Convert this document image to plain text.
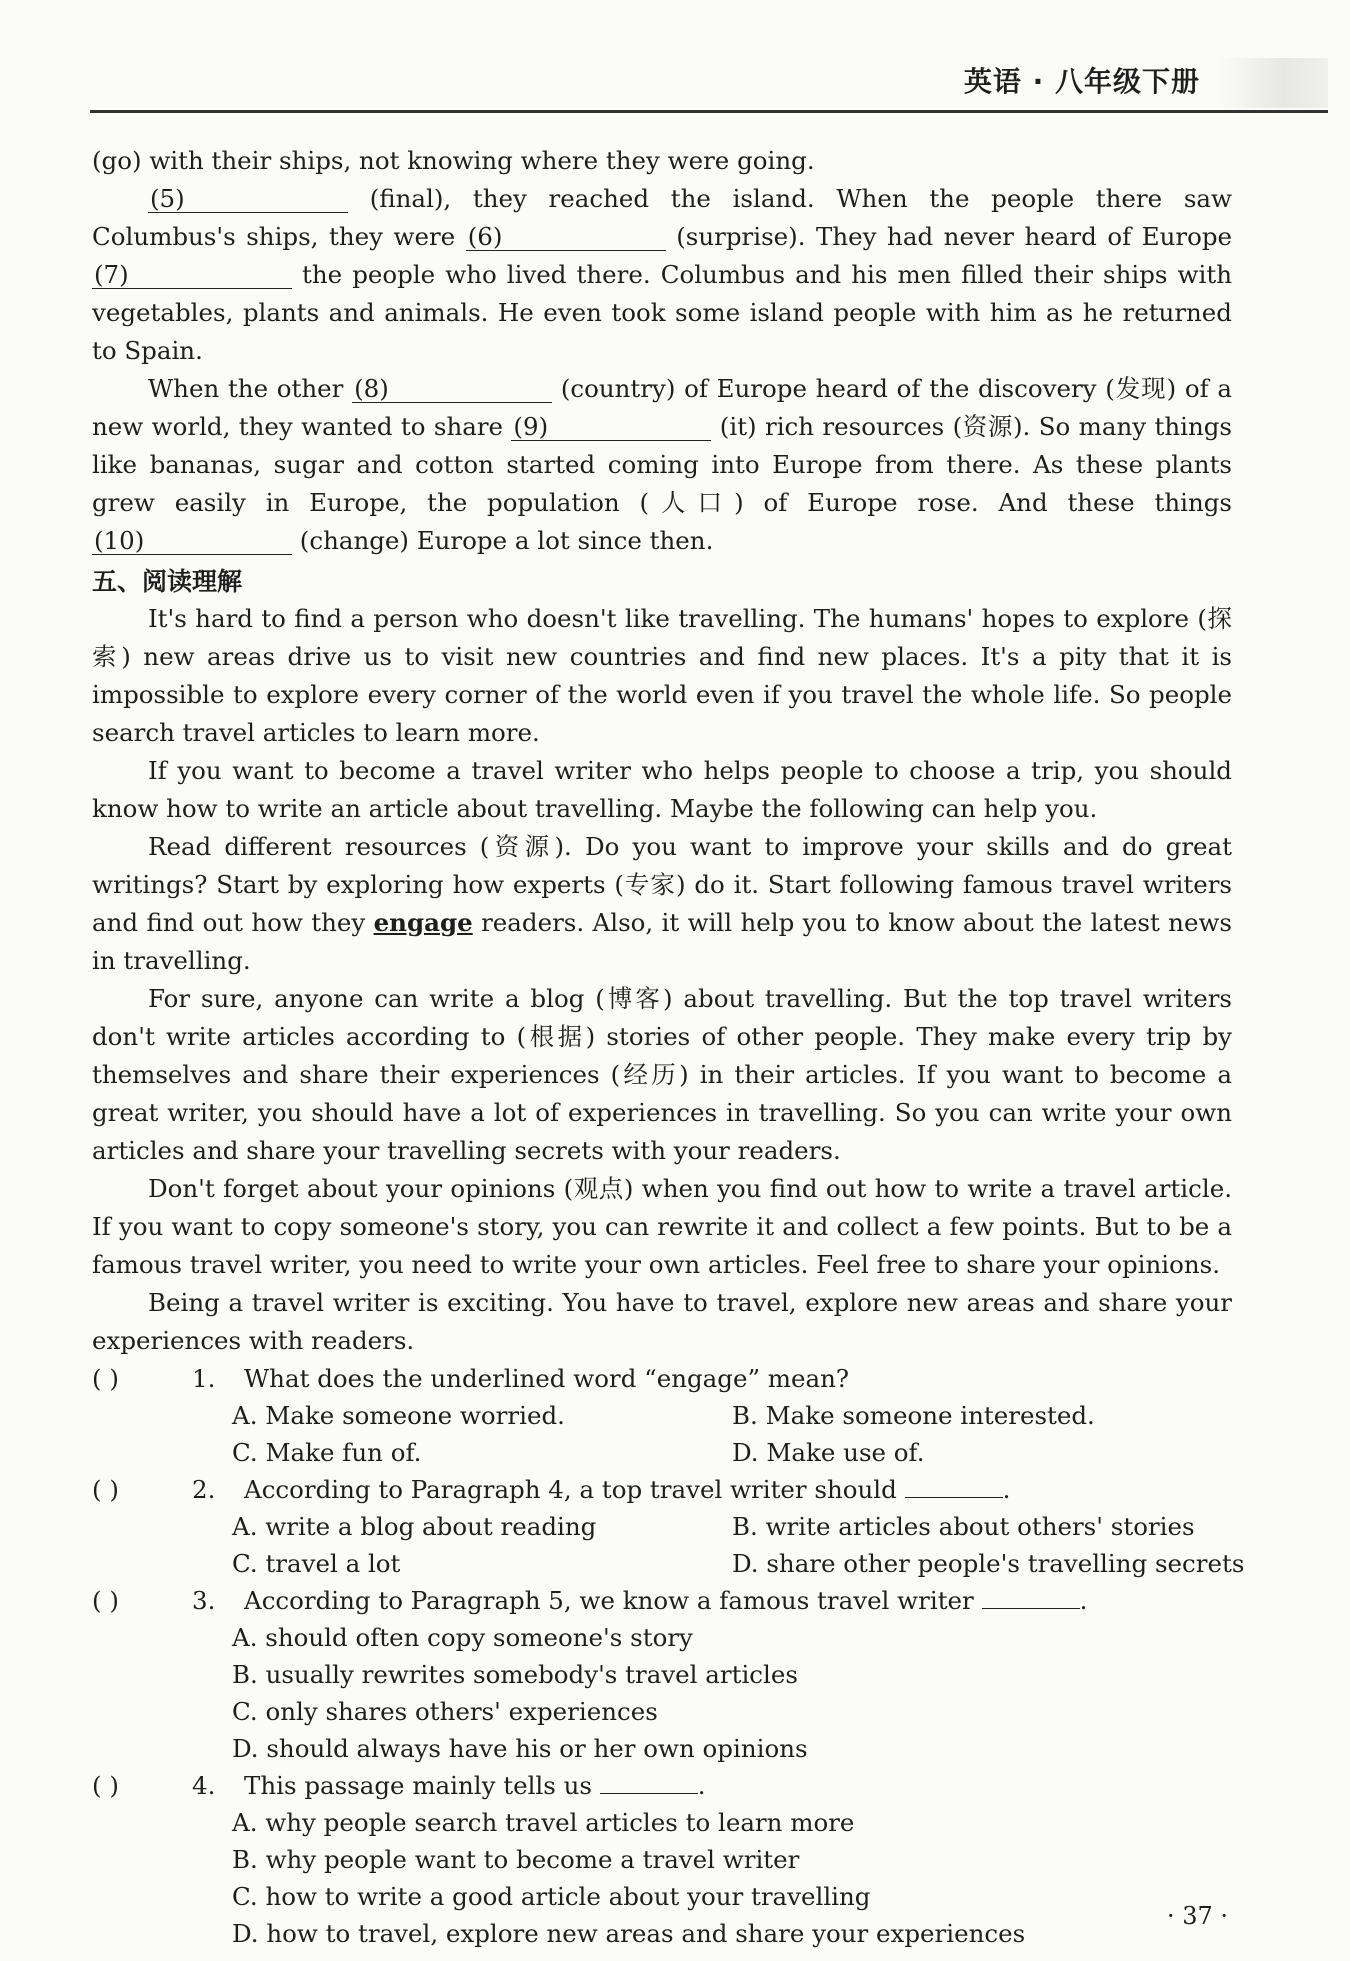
英语 · 八年级下册

(go) with their ships, not knowing where they were going.

(5)	(final), they reached the island. When the people there saw Columbus's ships, they were (6)	(surprise). They had never heard of Europe (7)	the people who lived there. Columbus and his men filled their ships with vegetables, plants and animals. He even took some island people with him as he returned to Spain.

When the other (8)	(country) of Europe heard of the discovery (发现) of a new world, they wanted to share (9)	(it) rich resources (资源). So many things like bananas, sugar and cotton started coming into Europe from there. As these plants grew easily in Europe, the population (人口) of Europe rose. And these things (10)	(change) Europe a lot since then.

五、阅读理解

It's hard to find a person who doesn't like travelling. The humans' hopes to explore (探索) new areas drive us to visit new countries and find new places. It's a pity that it is impossible to explore every corner of the world even if you travel the whole life. So people search travel articles to learn more.

If you want to become a travel writer who helps people to choose a trip, you should know how to write an article about travelling. Maybe the following can help you.

Read different resources (资源). Do you want to improve your skills and do great writings? Start by exploring how experts (专家) do it. Start following famous travel writers and find out how they engage readers. Also, it will help you to know about the latest news in travelling.

For sure, anyone can write a blog (博客) about travelling. But the top travel writers don't write articles according to (根据) stories of other people. They make every trip by themselves and share their experiences (经历) in their articles. If you want to become a great writer, you should have a lot of experiences in travelling. So you can write your own articles and share your travelling secrets with your readers.

Don't forget about your opinions (观点) when you find out how to write a travel article. If you want to copy someone's story, you can rewrite it and collect a few points. But to be a famous travel writer, you need to write your own articles. Feel free to share your opinions.

Being a travel writer is exciting. You have to travel, explore new areas and share your experiences with readers.

( )	1.	What does the underlined word “engage” mean?
A. Make someone worried.	B. Make someone interested.
C. Make fun of.	D. Make use of.
( )	2.	According to Paragraph 4, a top travel writer should	.
A. write a blog about reading	B. write articles about others' stories
C. travel a lot	D. share other people's travelling secrets
( )	3.	According to Paragraph 5, we know a famous travel writer	.
A. should often copy someone's story
B. usually rewrites somebody's travel articles
C. only shares others' experiences
D. should always have his or her own opinions
( )	4.	This passage mainly tells us	.
A. why people search travel articles to learn more
B. why people want to become a travel writer
C. how to write a good article about your travelling
D. how to travel, explore new areas and share your experiences
· 37 ·
